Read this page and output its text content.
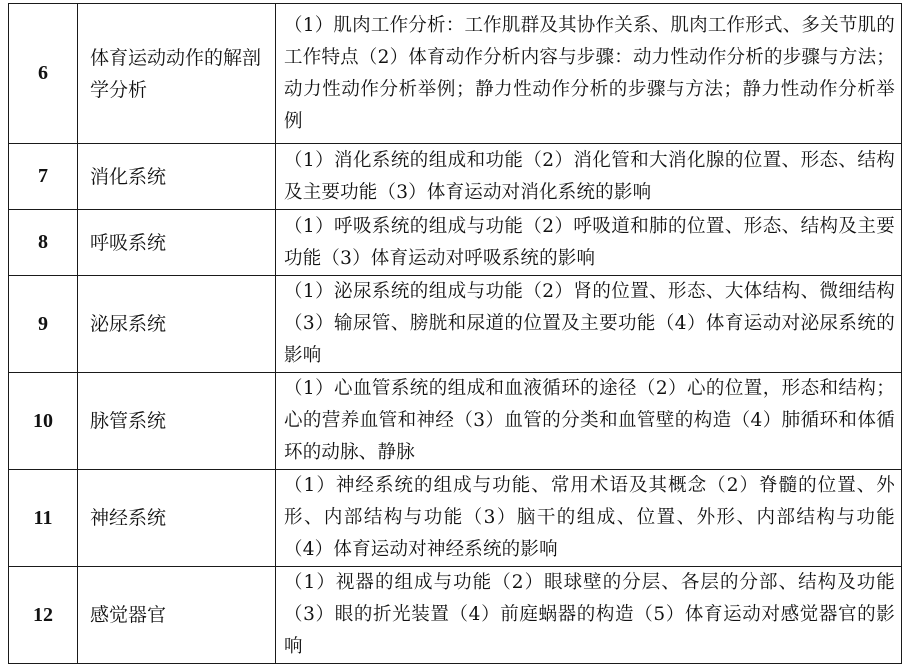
6	体育运动动作的解剖学分析	（1）肌肉工作分析：工作肌群及其协作关系、肌肉工作形式、多关节肌的工作特点（2）体育动作分析内容与步骤：动力性动作分析的步骤与方法；动力性动作分析举例；静力性动作分析的步骤与方法；静力性动作分析举例
7	消化系统	（1）消化系统的组成和功能（2）消化管和大消化腺的位置、形态、结构及主要功能（3）体育运动对消化系统的影响
8	呼吸系统	（1）呼吸系统的组成与功能（2）呼吸道和肺的位置、形态、结构及主要功能（3）体育运动对呼吸系统的影响
9	泌尿系统	（1）泌尿系统的组成与功能（2）肾的位置、形态、大体结构、微细结构（3）输尿管、膀胱和尿道的位置及主要功能（4）体育运动对泌尿系统的影响
10	脉管系统	（1）心血管系统的组成和血液循环的途径（2）心的位置，形态和结构；心的营养血管和神经（3）血管的分类和血管壁的构造（4）肺循环和体循环的动脉、静脉
11	神经系统	（1）神经系统的组成与功能、常用术语及其概念（2）脊髓的位置、外形、内部结构与功能（3）脑干的组成、位置、外形、内部结构与功能（4）体育运动对神经系统的影响
12	感觉器官	（1）视器的组成与功能（2）眼球壁的分层、各层的分部、结构及功能（3）眼的折光装置（4）前庭蜗器的构造（5）体育运动对感觉器官的影响
